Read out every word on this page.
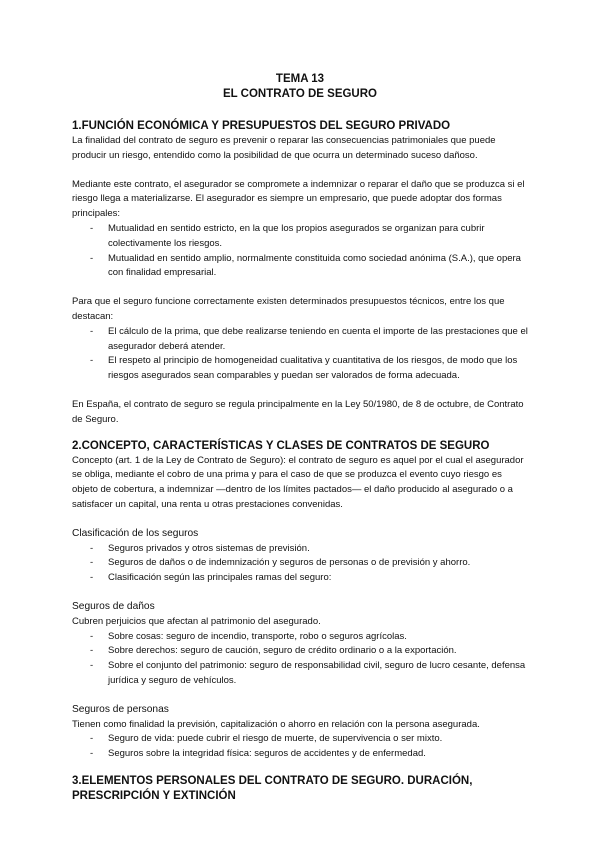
TEMA 13
EL CONTRATO DE SEGURO
1.FUNCIÓN ECONÓMICA Y PRESUPUESTOS DEL SEGURO PRIVADO

La finalidad del contrato de seguro es prevenir o reparar las consecuencias patrimoniales que puede producir un riesgo, entendido como la posibilidad de que ocurra un determinado suceso dañoso.

Mediante este contrato, el asegurador se compromete a indemnizar o reparar el daño que se produzca si el riesgo llega a materializarse. El asegurador es siempre un empresario, que puede adoptar dos formas principales:

- Mutualidad en sentido estricto, en la que los propios asegurados se organizan para cubrir colectivamente los riesgos.
- Mutualidad en sentido amplio, normalmente constituida como sociedad anónima (S.A.), que opera con finalidad empresarial.

Para que el seguro funcione correctamente existen determinados presupuestos técnicos, entre los que destacan:

- El cálculo de la prima, que debe realizarse teniendo en cuenta el importe de las prestaciones que el asegurador deberá atender.
- El respeto al principio de homogeneidad cualitativa y cuantitativa de los riesgos, de modo que los riesgos asegurados sean comparables y puedan ser valorados de forma adecuada.

En España, el contrato de seguro se regula principalmente en la Ley 50/1980, de 8 de octubre, de Contrato de Seguro.

2.CONCEPTO, CARACTERÍSTICAS Y CLASES DE CONTRATOS DE SEGURO

Concepto (art. 1 de la Ley de Contrato de Seguro): el contrato de seguro es aquel por el cual el asegurador se obliga, mediante el cobro de una prima y para el caso de que se produzca el evento cuyo riesgo es objeto de cobertura, a indemnizar —dentro de los límites pactados— el daño producido al asegurado o a satisfacer un capital, una renta u otras prestaciones convenidas.

Clasificación de los seguros
- Seguros privados y otros sistemas de previsión.
- Seguros de daños o de indemnización y seguros de personas o de previsión y ahorro.
- Clasificación según las principales ramas del seguro:
Seguros de daños

Cubren perjuicios que afectan al patrimonio del asegurado.

- Sobre cosas: seguro de incendio, transporte, robo o seguros agrícolas.
- Sobre derechos: seguro de caución, seguro de crédito ordinario o a la exportación.
- Sobre el conjunto del patrimonio: seguro de responsabilidad civil, seguro de lucro cesante, defensa jurídica y seguro de vehículos.
Seguros de personas

Tienen como finalidad la previsión, capitalización o ahorro en relación con la persona asegurada.

- Seguro de vida: puede cubrir el riesgo de muerte, de supervivencia o ser mixto.
- Seguros sobre la integridad física: seguros de accidentes y de enfermedad.
3.ELEMENTOS PERSONALES DEL CONTRATO DE SEGURO. DURACIÓN, PRESCRIPCIÓN Y EXTINCIÓN
